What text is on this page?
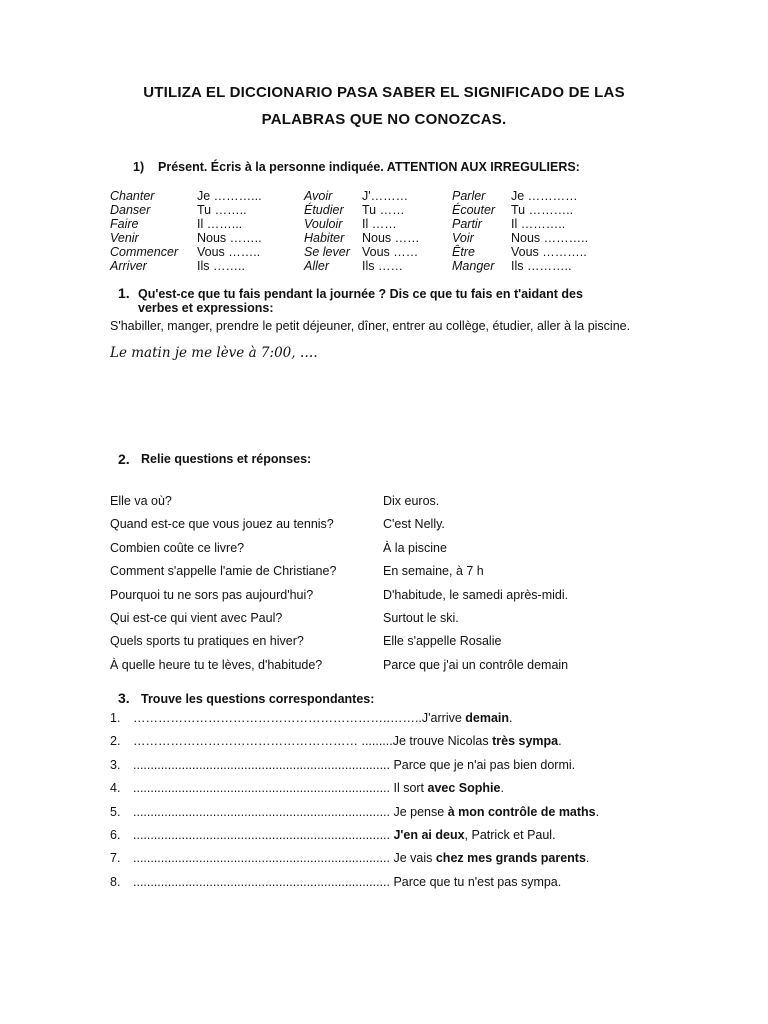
UTILIZA EL DICCIONARIO PASA SABER EL SIGNIFICADO DE LAS
PALABRAS QUE NO CONOZCAS.
1)    Présent. Écris à la personne indiquée. ATTENTION AUX IRREGULIERS:
Chanter	Je ………...	Avoir J'………	Parler Je …………
Danser	Tu ……..	Étudier Tu ……	Écouter Tu ………..
Faire	Il ……...	Vouloir Il ……	Partir Il ………..
Venir	Nous ……..	Habiter Nous ……	Voir	Nous ………..
Commencer Vous ……..	Se lever Vous ……	Être	Vous ………..
Arriver	Ils ……..	Aller	Ils ……	Manger Ils ………..
1. Qu'est-ce que tu fais pendant la journée ? Dis ce que tu fais en t'aidant des
verbes et expressions:
S'habiller, manger, prendre le petit déjeuner, dîner, entrer au collège, étudier, aller à la piscine.
Le matin je me lève à 7:00, ….
2. Relie questions et réponses:
Elle va où?	Dix euros.
Quand est-ce que vous jouez au tennis?	C'est Nelly.
Combien coûte ce livre?	À la piscine
Comment s'appelle l'amie de Christiane?	En semaine, à 7 h
Pourquoi tu ne sors pas aujourd'hui?	D'habitude, le samedi après-midi.
Qui est-ce qui vient avec Paul?	Surtout le ski.
Quels sports tu pratiques en hiver?	Elle s'appelle Rosalie
À quelle heure tu te lèves, d'habitude?	Parce que j'ai un contrôle demain
3. Trouve les questions correspondantes:
1. ……………………………………………………..……..J'arrive demain.
2. ……………………………………………… .........Je trouve Nicolas très sympa.
3. .......................................................................... Parce que je n'ai pas bien dormi.
4. .......................................................................... Il sort avec Sophie.
5. .......................................................................... Je pense à mon contrôle de maths.
6. .......................................................................... J'en ai deux, Patrick et Paul.
7. .......................................................................... Je vais chez mes grands parents.
8. .......................................................................... Parce que tu n'est pas sympa.
